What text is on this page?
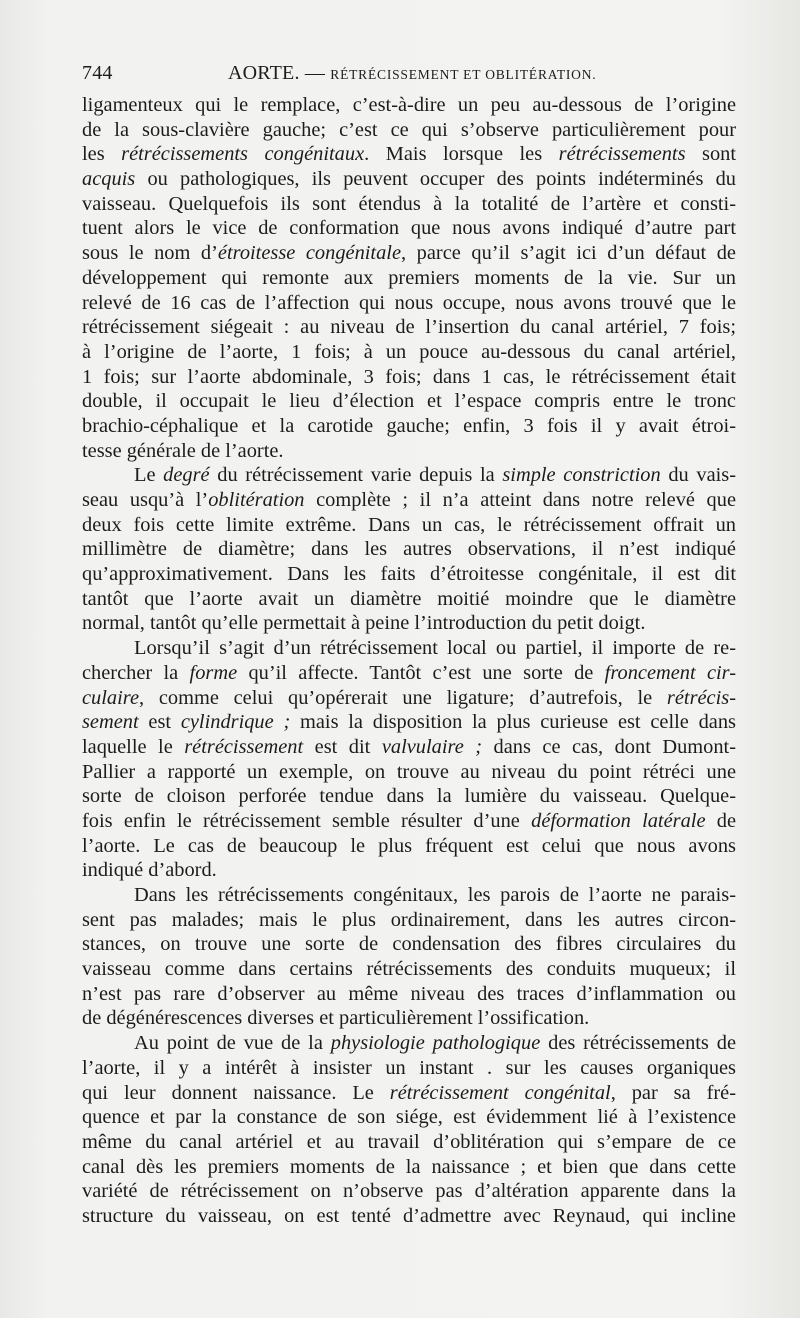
744	AORTE. — RÉTRÉCISSEMENT ET OBLITÉRATION.
ligamenteux qui le remplace, c’est-à-dire un peu au-dessous de l’origine
de la sous-clavière gauche; c’est ce qui s’observe particulièrement pour
les rétrécissements congénitaux. Mais lorsque les rétrécissements sont
acquis ou pathologiques, ils peuvent occuper des points indéterminés du
vaisseau. Quelquefois ils sont étendus à la totalité de l’artère et consti-
tuent alors le vice de conformation que nous avons indiqué d’autre part
sous le nom d’étroitesse congénitale, parce qu’il s’agit ici d’un défaut de
développement qui remonte aux premiers moments de la vie. Sur un
relevé de 16 cas de l’affection qui nous occupe, nous avons trouvé que le
rétrécissement siégeait : au niveau de l’insertion du canal artériel, 7 fois;
à l’origine de l’aorte, 1 fois; à un pouce au-dessous du canal artériel,
1 fois; sur l’aorte abdominale, 3 fois; dans 1 cas, le rétrécissement était
double, il occupait le lieu d’élection et l’espace compris entre le tronc
brachio-céphalique et la carotide gauche; enfin, 3 fois il y avait étroi-
tesse générale de l’aorte.
Le degré du rétrécissement varie depuis la simple constriction du vais-
seau usqu’à l’oblitération complète ; il n’a atteint dans notre relevé que
deux fois cette limite extrême. Dans un cas, le rétrécissement offrait un
millimètre de diamètre; dans les autres observations, il n’est indiqué
qu’approximativement. Dans les faits d’étroitesse congénitale, il est dit
tantôt que l’aorte avait un diamètre moitié moindre que le diamètre
normal, tantôt qu’elle permettait à peine l’introduction du petit doigt.
Lorsqu’il s’agit d’un rétrécissement local ou partiel, il importe de re-
chercher la forme qu’il affecte. Tantôt c’est une sorte de froncement cir-
culaire, comme celui qu’opérerait une ligature; d’autrefois, le rétrécis-
sement est cylindrique ; mais la disposition la plus curieuse est celle dans
laquelle le rétrécissement est dit valvulaire ; dans ce cas, dont Dumont-
Pallier a rapporté un exemple, on trouve au niveau du point rétréci une
sorte de cloison perforée tendue dans la lumière du vaisseau. Quelque-
fois enfin le rétrécissement semble résulter d’une déformation latérale de
l’aorte. Le cas de beaucoup le plus fréquent est celui que nous avons
indiqué d’abord.
Dans les rétrécissements congénitaux, les parois de l’aorte ne parais-
sent pas malades; mais le plus ordinairement, dans les autres circon-
stances, on trouve une sorte de condensation des fibres circulaires du
vaisseau comme dans certains rétrécissements des conduits muqueux; il
n’est pas rare d’observer au même niveau des traces d’inflammation ou
de dégénérescences diverses et particulièrement l’ossification.
Au point de vue de la physiologie pathologique des rétrécissements de
l’aorte, il y a intérêt à insister un instant . sur les causes organiques
qui leur donnent naissance. Le rétrécissement congénital, par sa fré-
quence et par la constance de son siége, est évidemment lié à l’existence
même du canal artériel et au travail d’oblitération qui s’empare de ce
canal dès les premiers moments de la naissance ; et bien que dans cette
variété de rétrécissement on n’observe pas d’altération apparente dans la
structure du vaisseau, on est tenté d’admettre avec Reynaud, qui incline
